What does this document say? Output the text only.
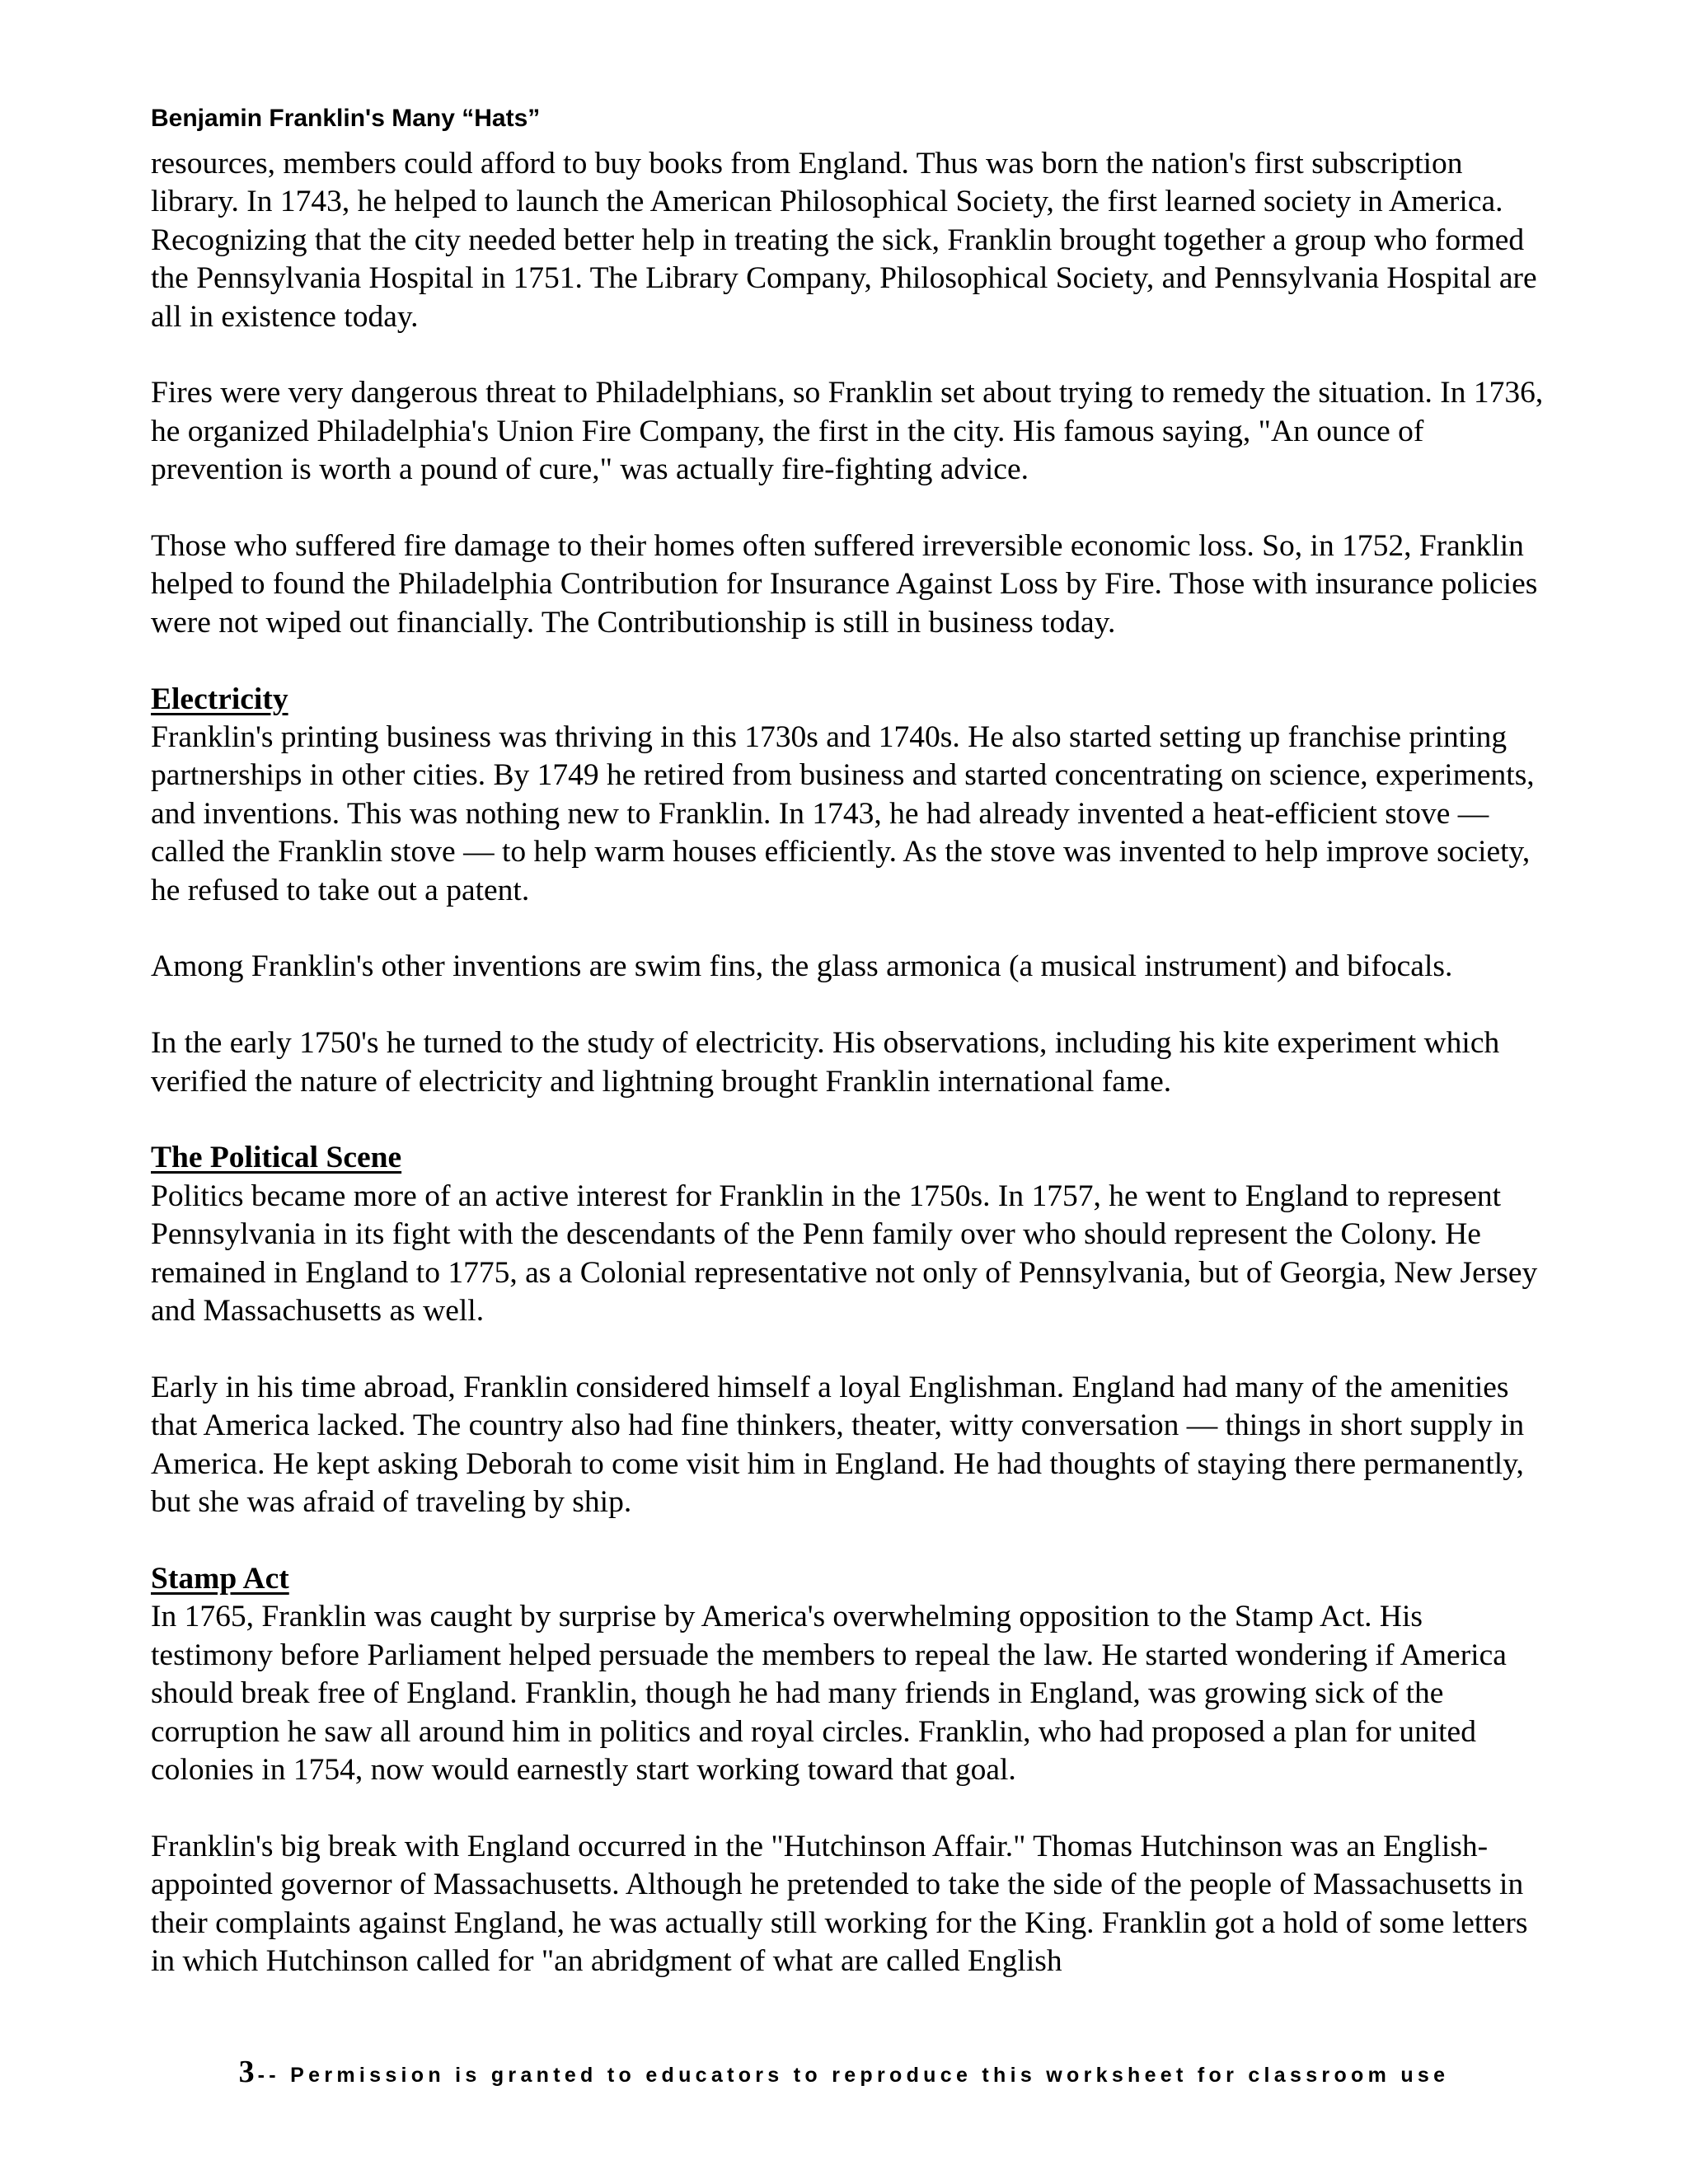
Benjamin Franklin's Many “Hats”

resources, members could afford to buy books from England. Thus was born the nation's first subscription library. In 1743, he helped to launch the American Philosophical Society, the first learned society in America. Recognizing that the city needed better help in treating the sick, Franklin brought together a group who formed the Pennsylvania Hospital in 1751. The Library Company, Philosophical Society, and Pennsylvania Hospital are all in existence today.

Fires were very dangerous threat to Philadelphians, so Franklin set about trying to remedy the situation. In 1736, he organized Philadelphia's Union Fire Company, the first in the city. His famous saying, "An ounce of prevention is worth a pound of cure," was actually fire-fighting advice.

Those who suffered fire damage to their homes often suffered irreversible economic loss. So, in 1752, Franklin helped to found the Philadelphia Contribution for Insurance Against Loss by Fire. Those with insurance policies were not wiped out financially. The Contributionship is still in business today.

Electricity

Franklin's printing business was thriving in this 1730s and 1740s. He also started setting up franchise printing partnerships in other cities. By 1749 he retired from business and started concentrating on science, experiments, and inventions. This was nothing new to Franklin. In 1743, he had already invented a heat-efficient stove — called the Franklin stove — to help warm houses efficiently. As the stove was invented to help improve society, he refused to take out a patent.

Among Franklin's other inventions are swim fins, the glass armonica (a musical instrument) and bifocals.

In the early 1750's he turned to the study of electricity. His observations, including his kite experiment which verified the nature of electricity and lightning brought Franklin international fame.

The Political Scene

Politics became more of an active interest for Franklin in the 1750s. In 1757, he went to England to represent Pennsylvania in its fight with the descendants of the Penn family over who should represent the Colony. He remained in England to 1775, as a Colonial representative not only of Pennsylvania, but of Georgia, New Jersey and Massachusetts as well.

Early in his time abroad, Franklin considered himself a loyal Englishman. England had many of the amenities that America lacked. The country also had fine thinkers, theater, witty conversation — things in short supply in America. He kept asking Deborah to come visit him in England. He had thoughts of staying there permanently, but she was afraid of traveling by ship.

Stamp Act

In 1765, Franklin was caught by surprise by America's overwhelming opposition to the Stamp Act. His testimony before Parliament helped persuade the members to repeal the law. He started wondering if America should break free of England. Franklin, though he had many friends in England, was growing sick of the corruption he saw all around him in politics and royal circles. Franklin, who had proposed a plan for united colonies in 1754, now would earnestly start working toward that goal.

Franklin's big break with England occurred in the "Hutchinson Affair." Thomas Hutchinson was an English-appointed governor of Massachusetts. Although he pretended to take the side of the people of Massachusetts in their complaints against England, he was actually still working for the King. Franklin got a hold of some letters in which Hutchinson called for "an abridgment of what are called English

3 -- Permission is granted to educators to reproduce this worksheet for classroom use
